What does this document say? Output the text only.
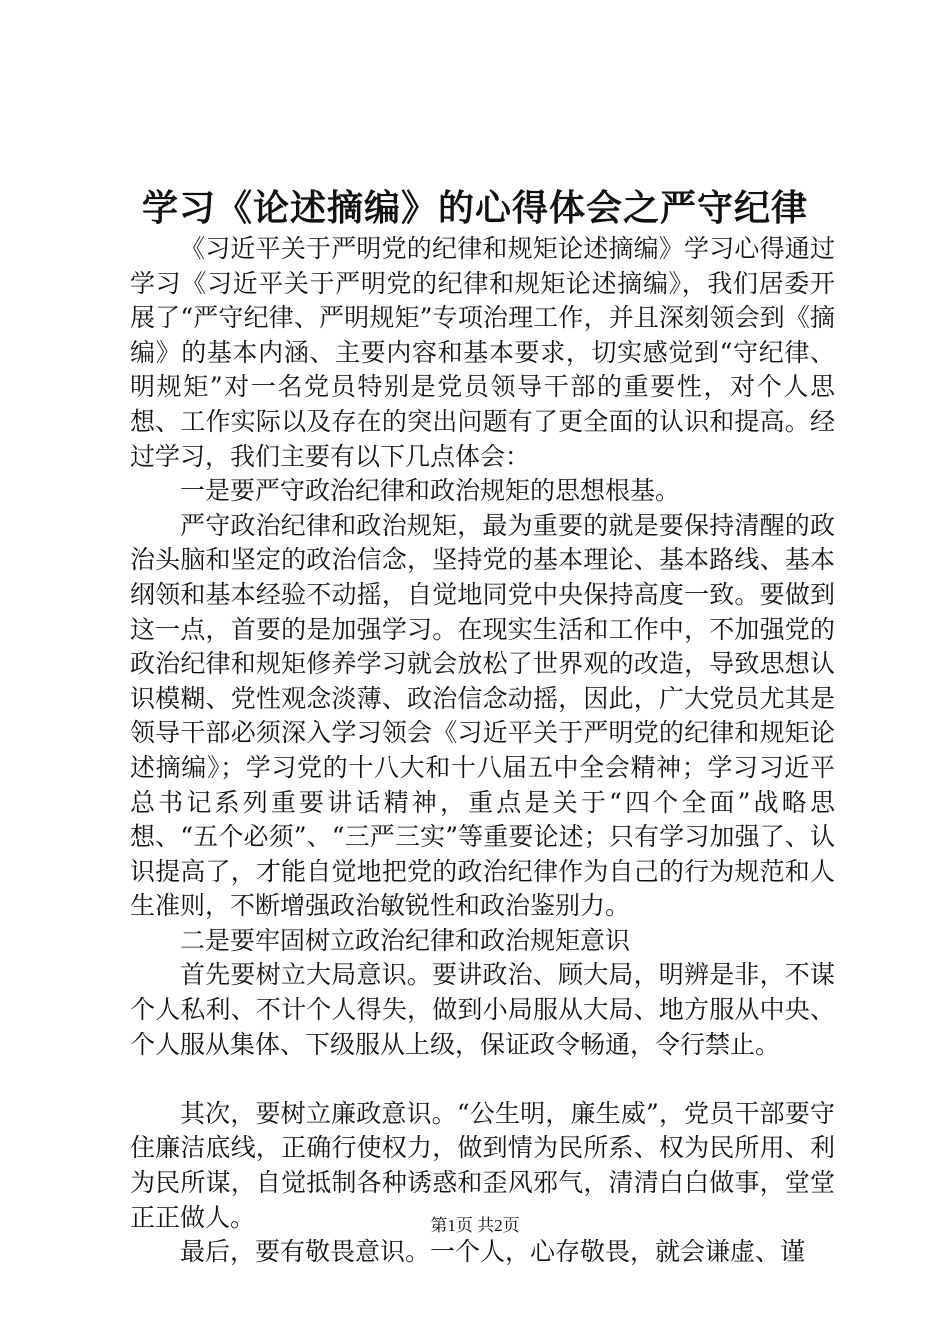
学习《论述摘编》的心得体会之严守纪律

《习近平关于严明党的纪律和规矩论述摘编》学习心得通过学习《习近平关于严明党的纪律和规矩论述摘编》，我们居委开展了“严守纪律、严明规矩”专项治理工作，并且深刻领会到《摘编》的基本内涵、主要内容和基本要求，切实感觉到“守纪律、明规矩”对一名党员特别是党员领导干部的重要性，对个人思想、工作实际以及存在的突出问题有了更全面的认识和提高。经过学习，我们主要有以下几点体会：

一是要严守政治纪律和政治规矩的思想根基。

严守政治纪律和政治规矩，最为重要的就是要保持清醒的政治头脑和坚定的政治信念，坚持党的基本理论、基本路线、基本纲领和基本经验不动摇，自觉地同党中央保持高度一致。要做到这一点，首要的是加强学习。在现实生活和工作中，不加强党的政治纪律和规矩修养学习就会放松了世界观的改造，导致思想认识模糊、党性观念淡薄、政治信念动摇，因此，广大党员尤其是领导干部必须深入学习领会《习近平关于严明党的纪律和规矩论述摘编》；学习党的十八大和十八届五中全会精神；学习习近平总书记系列重要讲话精神，重点是关于“四个全面”战略思想、“五个必须”、“三严三实”等重要论述；只有学习加强了、认识提高了，才能自觉地把党的政治纪律作为自己的行为规范和人生准则，不断增强政治敏锐性和政治鉴别力。

二是要牢固树立政治纪律和政治规矩意识

首先要树立大局意识。要讲政治、顾大局，明辨是非，不谋个人私利、不计个人得失，做到小局服从大局、地方服从中央、个人服从集体、下级服从上级，保证政令畅通，令行禁止。

其次，要树立廉政意识。“公生明，廉生威”，党员干部要守住廉洁底线，正确行使权力，做到情为民所系、权为民所用、利为民所谋，自觉抵制各种诱惑和歪风邪气，清清白白做事，堂堂正正做人。

最后，要有敬畏意识。一个人，心存敬畏，就会谦虚、谨

第1页 共2页
